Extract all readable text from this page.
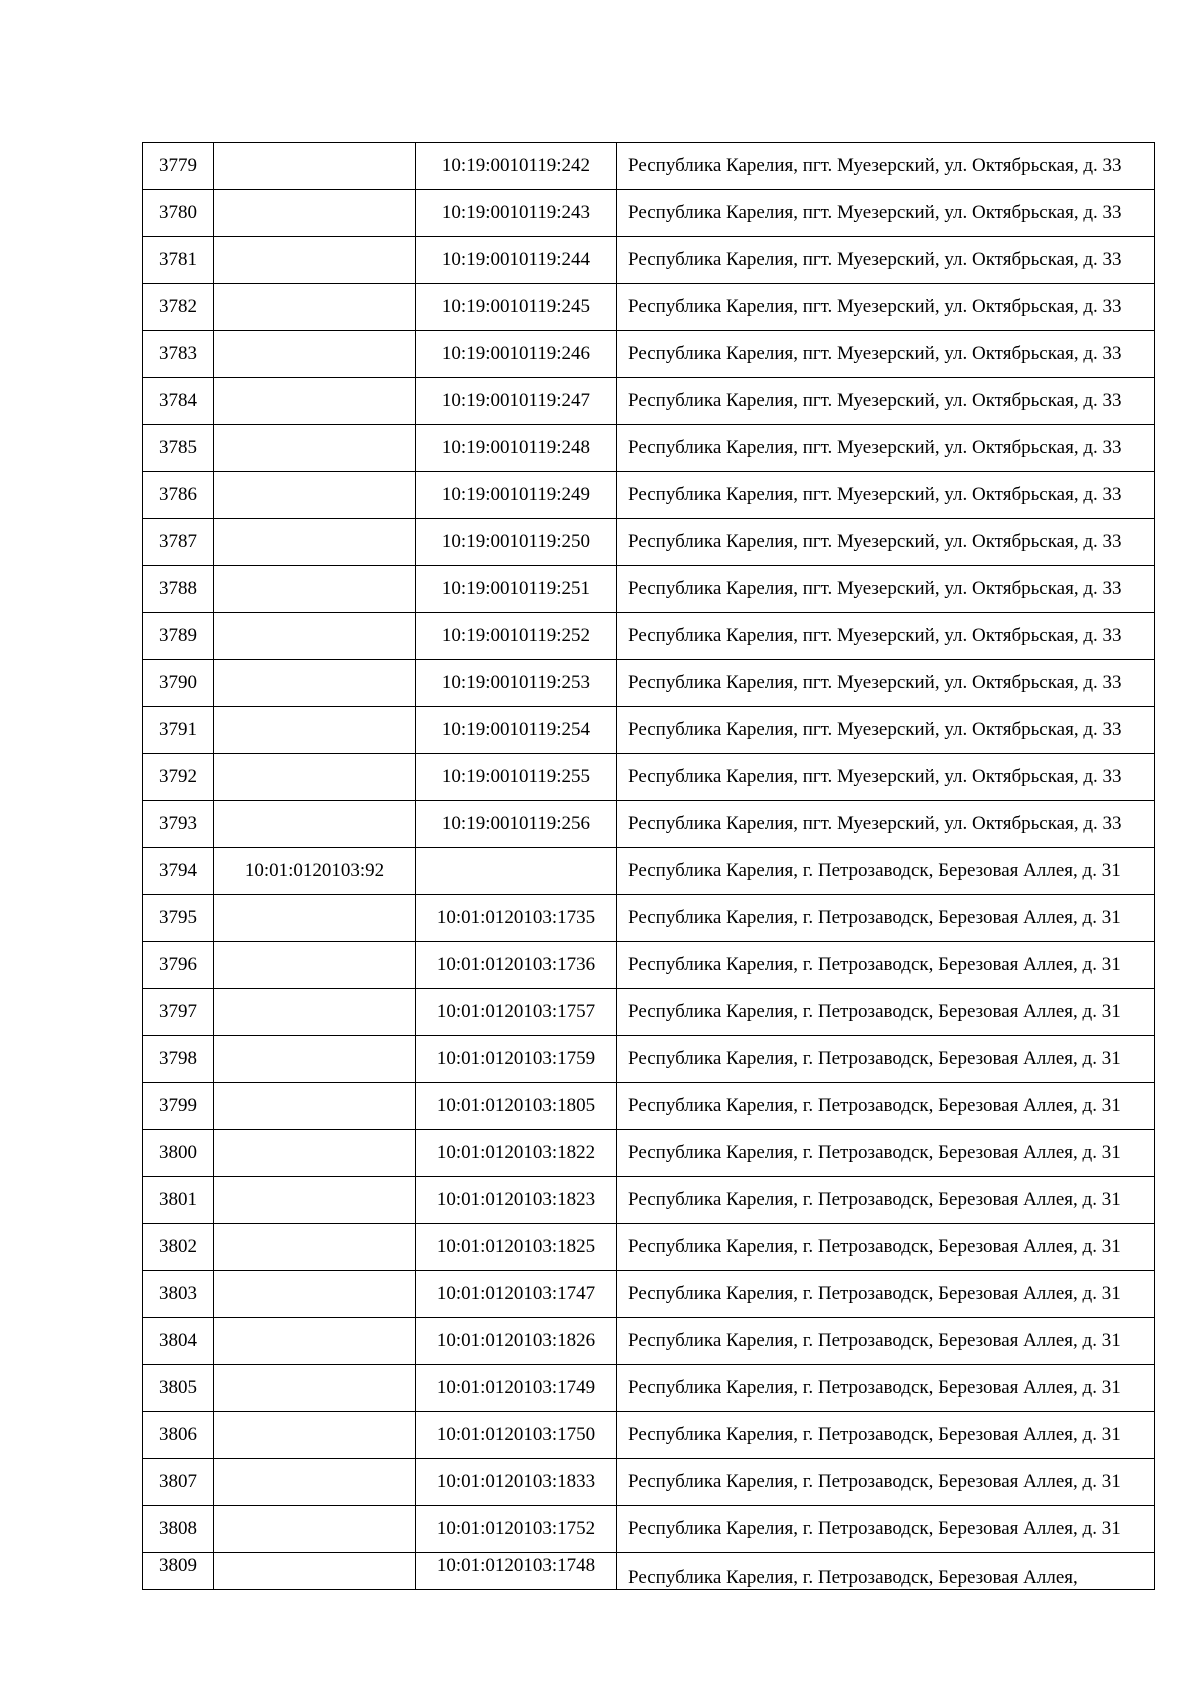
3779		10:19:0010119:242	Республика Карелия, пгт. Муезерский, ул. Октябрьская, д. 33
3780		10:19:0010119:243	Республика Карелия, пгт. Муезерский, ул. Октябрьская, д. 33
3781		10:19:0010119:244	Республика Карелия, пгт. Муезерский, ул. Октябрьская, д. 33
3782		10:19:0010119:245	Республика Карелия, пгт. Муезерский, ул. Октябрьская, д. 33
3783		10:19:0010119:246	Республика Карелия, пгт. Муезерский, ул. Октябрьская, д. 33
3784		10:19:0010119:247	Республика Карелия, пгт. Муезерский, ул. Октябрьская, д. 33
3785		10:19:0010119:248	Республика Карелия, пгт. Муезерский, ул. Октябрьская, д. 33
3786		10:19:0010119:249	Республика Карелия, пгт. Муезерский, ул. Октябрьская, д. 33
3787		10:19:0010119:250	Республика Карелия, пгт. Муезерский, ул. Октябрьская, д. 33
3788		10:19:0010119:251	Республика Карелия, пгт. Муезерский, ул. Октябрьская, д. 33
3789		10:19:0010119:252	Республика Карелия, пгт. Муезерский, ул. Октябрьская, д. 33
3790		10:19:0010119:253	Республика Карелия, пгт. Муезерский, ул. Октябрьская, д. 33
3791		10:19:0010119:254	Республика Карелия, пгт. Муезерский, ул. Октябрьская, д. 33
3792		10:19:0010119:255	Республика Карелия, пгт. Муезерский, ул. Октябрьская, д. 33
3793		10:19:0010119:256	Республика Карелия, пгт. Муезерский, ул. Октябрьская, д. 33
3794	10:01:0120103:92		Республика Карелия, г. Петрозаводск, Березовая Аллея, д. 31
3795		10:01:0120103:1735	Республика Карелия, г. Петрозаводск, Березовая Аллея, д. 31
3796		10:01:0120103:1736	Республика Карелия, г. Петрозаводск, Березовая Аллея, д. 31
3797		10:01:0120103:1757	Республика Карелия, г. Петрозаводск, Березовая Аллея, д. 31
3798		10:01:0120103:1759	Республика Карелия, г. Петрозаводск, Березовая Аллея, д. 31
3799		10:01:0120103:1805	Республика Карелия, г. Петрозаводск, Березовая Аллея, д. 31
3800		10:01:0120103:1822	Республика Карелия, г. Петрозаводск, Березовая Аллея, д. 31
3801		10:01:0120103:1823	Республика Карелия, г. Петрозаводск, Березовая Аллея, д. 31
3802		10:01:0120103:1825	Республика Карелия, г. Петрозаводск, Березовая Аллея, д. 31
3803		10:01:0120103:1747	Республика Карелия, г. Петрозаводск, Березовая Аллея, д. 31
3804		10:01:0120103:1826	Республика Карелия, г. Петрозаводск, Березовая Аллея, д. 31
3805		10:01:0120103:1749	Республика Карелия, г. Петрозаводск, Березовая Аллея, д. 31
3806		10:01:0120103:1750	Республика Карелия, г. Петрозаводск, Березовая Аллея, д. 31
3807		10:01:0120103:1833	Республика Карелия, г. Петрозаводск, Березовая Аллея, д. 31
3808		10:01:0120103:1752	Республика Карелия, г. Петрозаводск, Березовая Аллея, д. 31
3809		10:01:0120103:1748	Республика Карелия, г. Петрозаводск, Березовая Аллея,
